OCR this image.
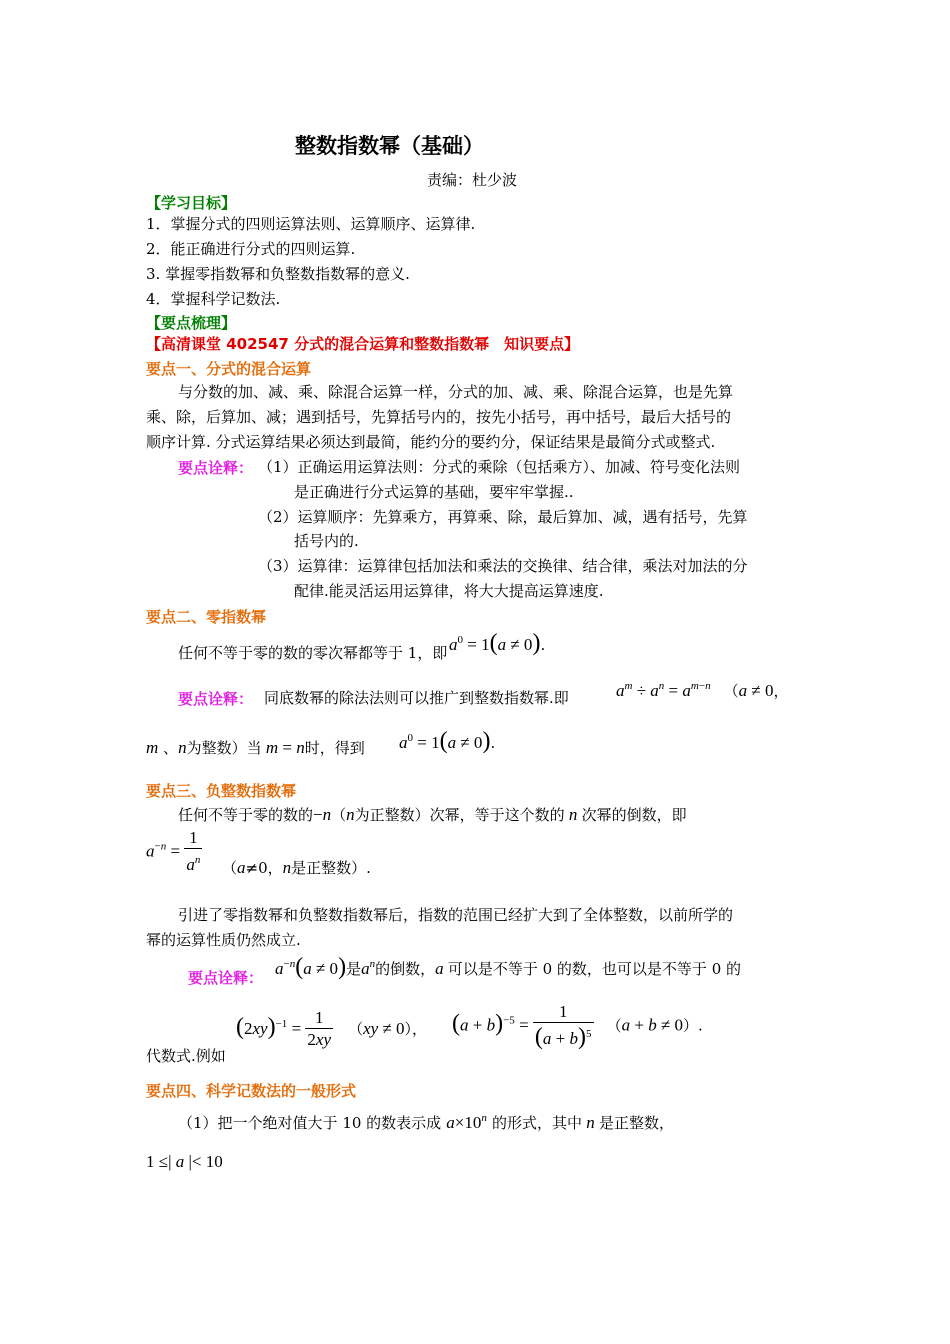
整数指数幂（基础）
责编：杜少波
【学习目标】
1．掌握分式的四则运算法则、运算顺序、运算律.
2．能正确进行分式的四则运算.
3. 掌握零指数幂和负整数指数幂的意义.
4．掌握科学记数法.
【要点梳理】
【高清课堂 402547 分式的混合运算和整数指数幂　知识要点】
要点一、分式的混合运算
与分数的加、减、乘、除混合运算一样，分式的加、减、乘、除混合运算，也是先算
乘、除，后算加、减；遇到括号，先算括号内的，按先小括号，再中括号，最后大括号的
顺序计算. 分式运算结果必须达到最简，能约分的要约分，保证结果是最简分式或整式.
要点诠释： （1）正确运用运算法则：分式的乘除（包括乘方）、加减、符号变化法则
是正确进行分式运算的基础，要牢牢掌握..
（2）运算顺序：先算乘方，再算乘、除，最后算加、减，遇有括号，先算
括号内的.
（3）运算律：运算律包括加法和乘法的交换律、结合律，乘法对加法的分
配律.能灵活运用运算律，将大大提高运算速度.
要点二、零指数幂
任何不等于零的数的零次幂都等于 1，即 $a^0 = 1(a \ne 0)$.
要点诠释： 同底数幂的除法法则可以推广到整数指数幂.即	$a^m \div a^n = a^{m-n}$ （a ≠ 0，
m 、n为整数）当 m = n时，得到 $a^0 = 1(a \ne 0)$.
要点三、负整数指数幂
任何不等于零的数的−n（n为正整数）次幂，等于这个数的 n 次幂的倒数，即
$a^{-n} = \frac{1}{a^n} (a\ne 0$，n是正整数）.
引进了零指数幂和负整数指数幂后，指数的范围已经扩大到了全体整数，以前所学的
幂的运算性质仍然成立.
要点诠释： $a^{-n}(a \ne 0)$是$a^n$的倒数，a 可以是不等于 0 的数，也可以是不等于 0 的
代数式.例如
$(2xy)^{-1} = \frac{1}{2xy} (xy \ne 0)$， $(a + b)^{-5} = \frac{1}{(a + b)^5} (a + b \ne 0)$.
要点四、科学记数法的一般形式
（1）把一个绝对值大于 10 的数表示成 $a\times 10^n$ 的形式，其中 n 是正整数，
1 ≤| a |< 10
